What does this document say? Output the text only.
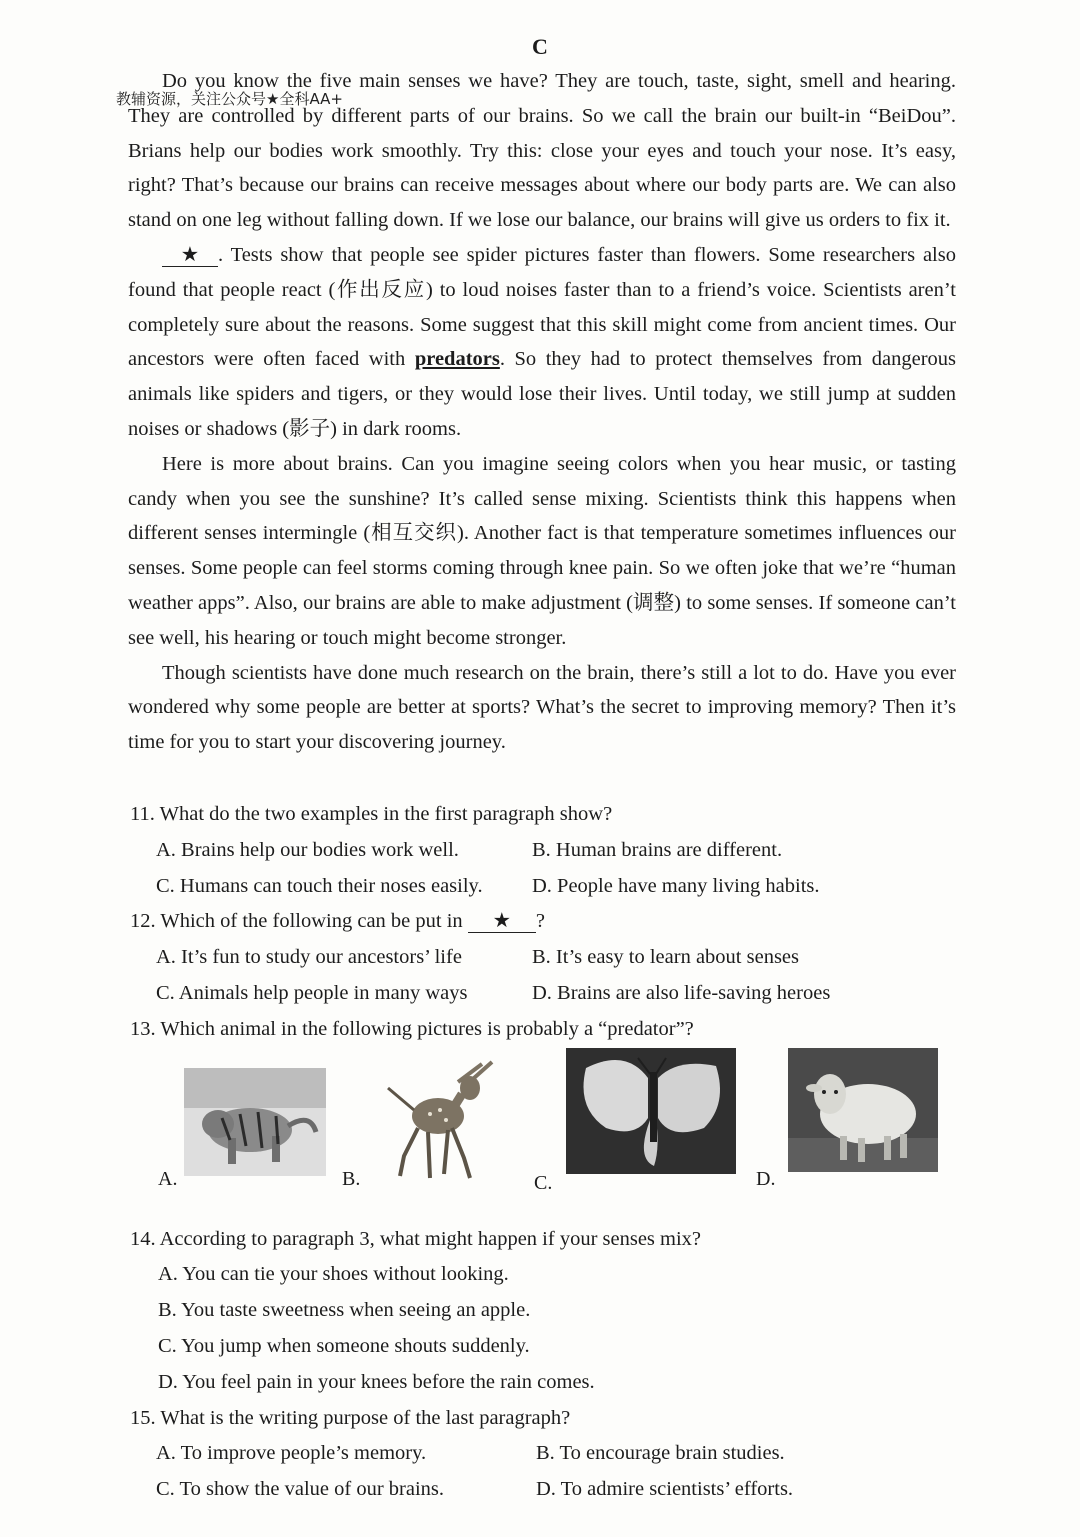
C
教辅资源，关注公众号★全科AA+

Do you know the five main senses we have? They are touch, taste, sight, smell and hearing. They are controlled by different parts of our brains. So we call the brain our built-in “BeiDou”. Brians help our bodies work smoothly. Try this: close your eyes and touch your nose. It’s easy, right? That’s because our brains can receive messages about where our body parts are. We can also stand on one leg without falling down. If we lose our balance, our brains will give us orders to fix it.

★ . Tests show that people see spider pictures faster than flowers. Some researchers also found that people react (作出反应) to loud noises faster than to a friend’s voice. Scientists aren’t completely sure about the reasons. Some suggest that this skill might come from ancient times. Our ancestors were often faced with predators. So they had to protect themselves from dangerous animals like spiders and tigers, or they would lose their lives. Until today, we still jump at sudden noises or shadows (影子) in dark rooms.

Here is more about brains. Can you imagine seeing colors when you hear music, or tasting candy when you see the sunshine? It’s called sense mixing. Scientists think this happens when different senses intermingle (相互交织). Another fact is that temperature sometimes influences our senses. Some people can feel storms coming through knee pain. So we often joke that we’re “human weather apps”. Also, our brains are able to make adjustment (调整) to some senses. If someone can’t see well, his hearing or touch might become stronger.

Though scientists have done much research on the brain, there’s still a lot to do. Have you ever wondered why some people are better at sports? What’s the secret to improving memory? Then it’s time for you to start your discovering journey.

11. What do the two examples in the first paragraph show?
A. Brains help our bodies work well.	B. Human brains are different.
C. Humans can touch their noses easily. D. People have many living habits.
12. Which of the following can be put in ★ ?
A. It’s fun to study our ancestors’ life	B. It’s easy to learn about senses
C. Animals help people in many ways	D. Brains are also life-saving heroes
13. Which animal in the following pictures is probably a “predator”?
A.	B.	C.	D.
14. According to paragraph 3, what might happen if your senses mix?
A. You can tie your shoes without looking.
B. You taste sweetness when seeing an apple.
C. You jump when someone shouts suddenly.
D. You feel pain in your knees before the rain comes.
15. What is the writing purpose of the last paragraph?
A. To improve people’s memory.	B. To encourage brain studies.
C. To show the value of our brains.	D. To admire scientists’ efforts.
